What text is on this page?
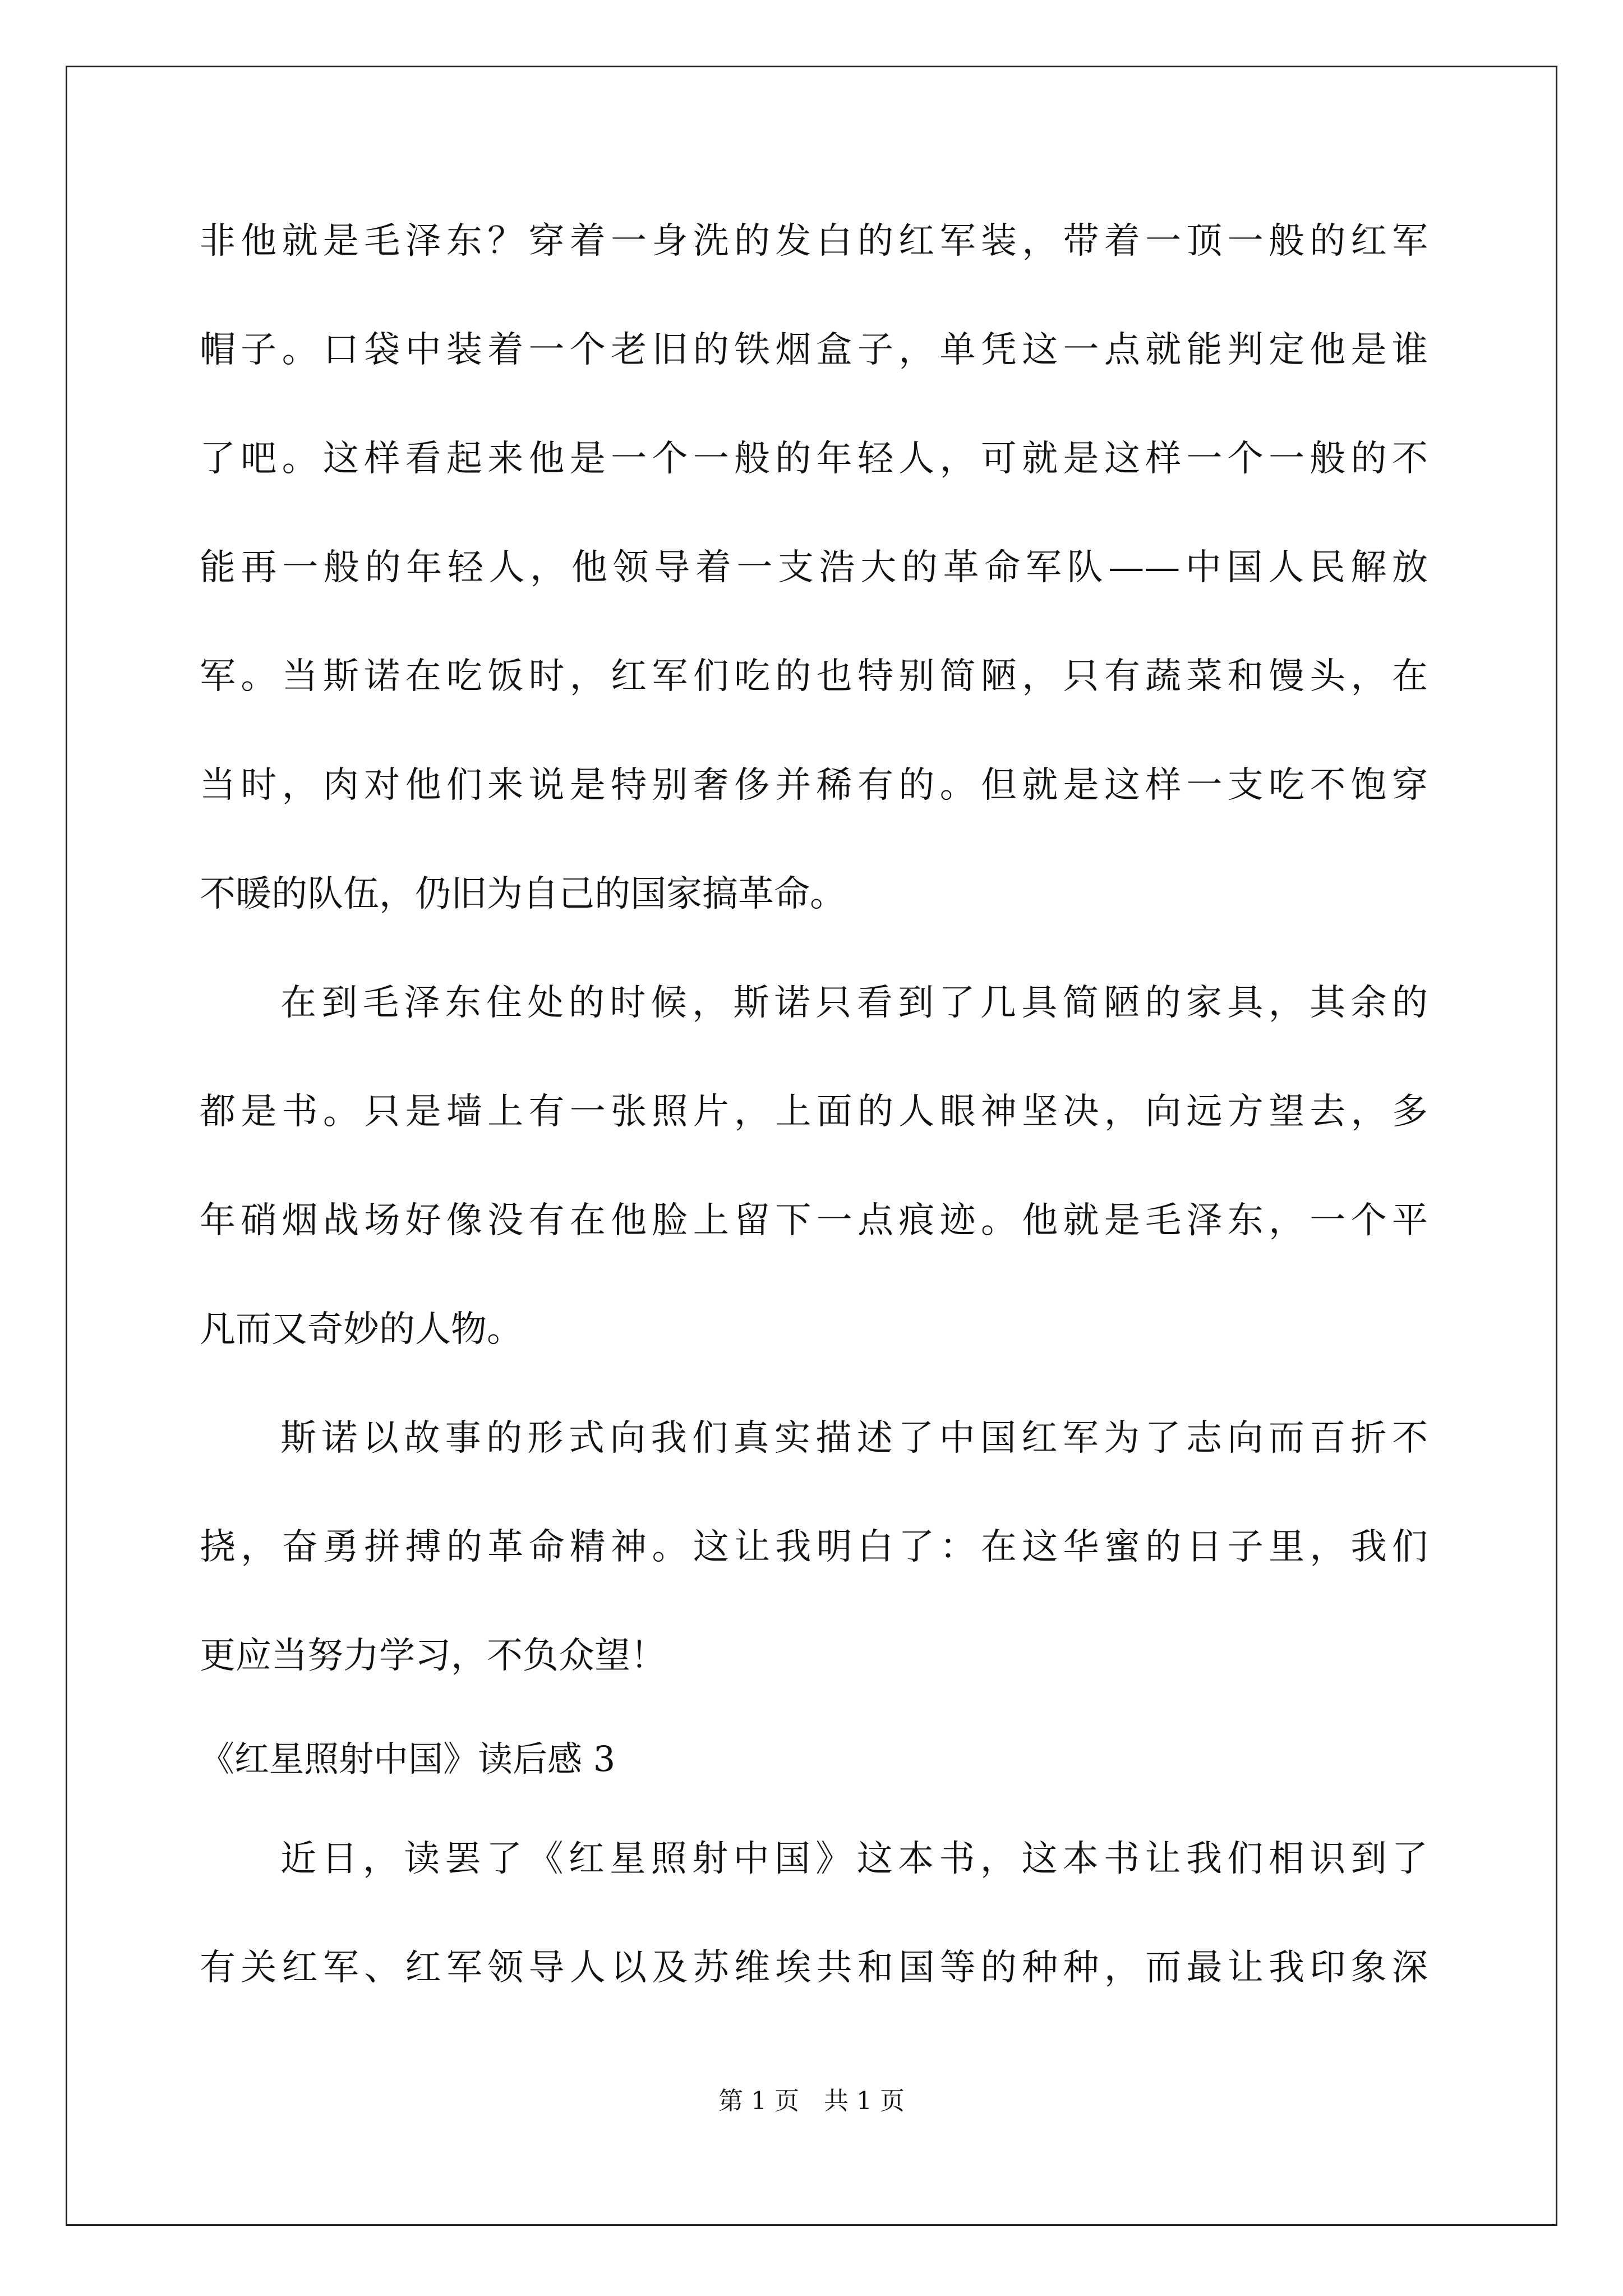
非他就是毛泽东？穿着一身洗的发白的红军装，带着一顶一般的红军
帽子。口袋中装着一个老旧的铁烟盒子，单凭这一点就能判定他是谁
了吧。这样看起来他是一个一般的年轻人，可就是这样一个一般的不
能再一般的年轻人，他领导着一支浩大的革命军队——中国人民解放
军。当斯诺在吃饭时，红军们吃的也特别简陋，只有蔬菜和馒头，在
当时，肉对他们来说是特别奢侈并稀有的。但就是这样一支吃不饱穿
不暖的队伍，仍旧为自己的国家搞革命。
在到毛泽东住处的时候，斯诺只看到了几具简陋的家具，其余的
都是书。只是墙上有一张照片，上面的人眼神坚决，向远方望去，多
年硝烟战场好像没有在他脸上留下一点痕迹。他就是毛泽东，一个平
凡而又奇妙的人物。
斯诺以故事的形式向我们真实描述了中国红军为了志向而百折不
挠，奋勇拼搏的革命精神。这让我明白了：在这华蜜的日子里，我们
更应当努力学习，不负众望！
《红星照射中国》读后感 3
近日，读罢了《红星照射中国》这本书，这本书让我们相识到了
有关红军、红军领导人以及苏维埃共和国等的种种，而最让我印象深
第 1 页　共 1 页
